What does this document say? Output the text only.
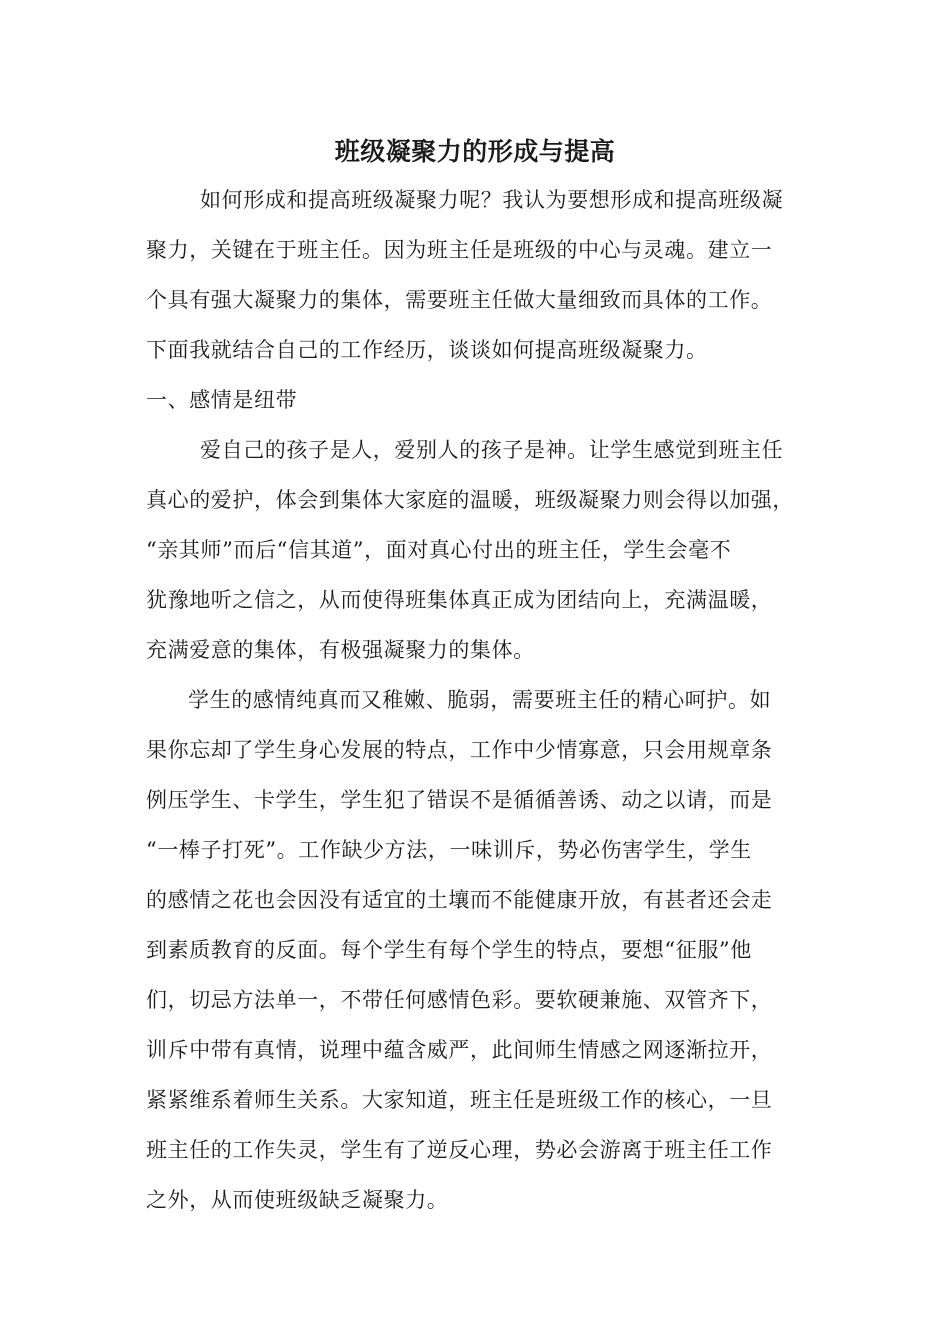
班级凝聚力的形成与提高
如何形成和提高班级凝聚力呢？我认为要想形成和提高班级凝
聚力，关键在于班主任。因为班主任是班级的中心与灵魂。建立一
个具有强大凝聚力的集体，需要班主任做大量细致而具体的工作。
下面我就结合自己的工作经历，谈谈如何提高班级凝聚力。
一、感情是纽带
爱自己的孩子是人，爱别人的孩子是神。让学生感觉到班主任
真心的爱护，体会到集体大家庭的温暖，班级凝聚力则会得以加强，
“亲其师”而后“信其道”，面对真心付出的班主任，学生会毫不
犹豫地听之信之，从而使得班集体真正成为团结向上，充满温暖，
充满爱意的集体，有极强凝聚力的集体。
学生的感情纯真而又稚嫩、脆弱，需要班主任的精心呵护。如
果你忘却了学生身心发展的特点，工作中少情寡意，只会用规章条
例压学生、卡学生，学生犯了错误不是循循善诱、动之以请，而是
“一棒子打死”。工作缺少方法，一味训斥，势必伤害学生，学生
的感情之花也会因没有适宜的土壤而不能健康开放，有甚者还会走
到素质教育的反面。每个学生有每个学生的特点，要想“征服”他
们，切忌方法单一，不带任何感情色彩。要软硬兼施、双管齐下，
训斥中带有真情，说理中蕴含威严，此间师生情感之网逐渐拉开，
紧紧维系着师生关系。大家知道，班主任是班级工作的核心，一旦
班主任的工作失灵，学生有了逆反心理，势必会游离于班主任工作
之外，从而使班级缺乏凝聚力。
